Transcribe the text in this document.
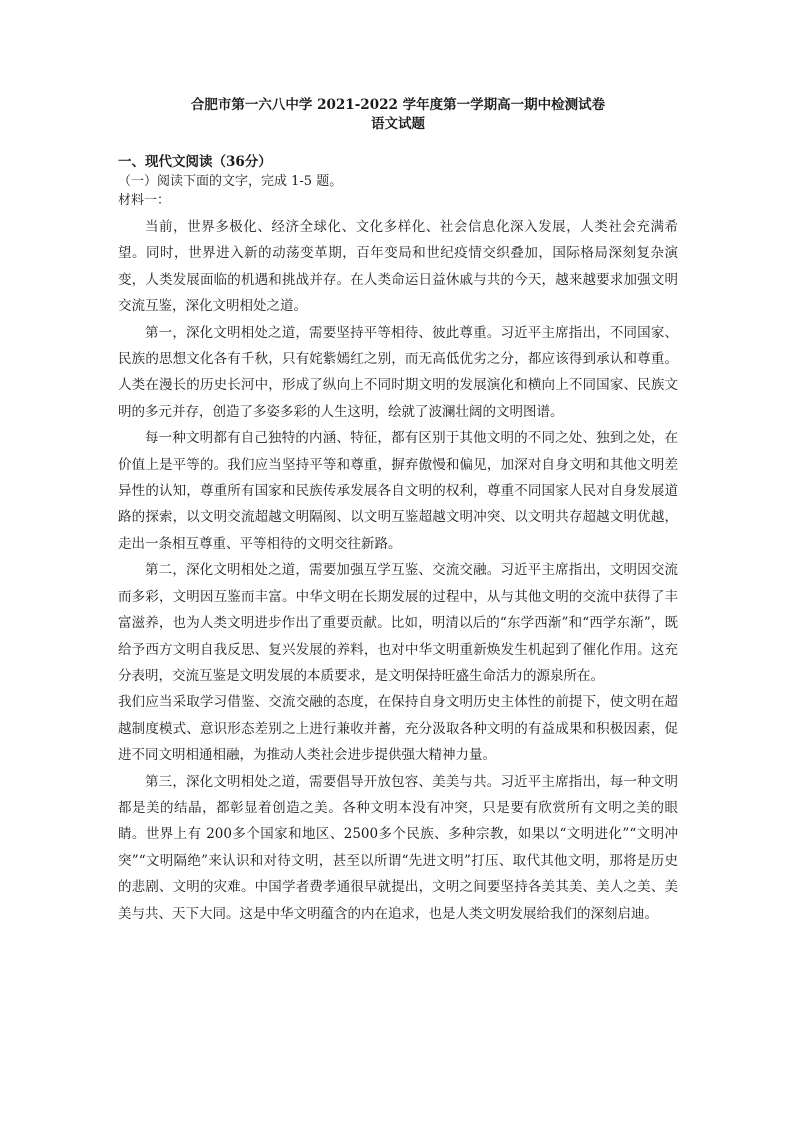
合肥市第一六八中学 2021-2022 学年度第一学期高一期中检测试卷

语文试题

一、现代文阅读（36分）

（一）阅读下面的文字，完成 1-5 题。

材料一：

当前，世界多极化、经济全球化、文化多样化、社会信息化深入发展，人类社会充满希望。同时，世界进入新的动荡变革期，百年变局和世纪疫情交织叠加，国际格局深刻复杂演变，人类发展面临的机遇和挑战并存。在人类命运日益休戚与共的今天，越来越要求加强文明交流互鉴，深化文明相处之道。

第一，深化文明相处之道，需要坚持平等相待、彼此尊重。习近平主席指出，不同国家、民族的思想文化各有千秋，只有姹紫嫣红之别，而无高低优劣之分，都应该得到承认和尊重。人类在漫长的历史长河中，形成了纵向上不同时期文明的发展演化和横向上不同国家、民族文明的多元并存，创造了多姿多彩的人生这明，绘就了波澜壮阔的文明图谱。

每一种文明都有自己独特的内涵、特征，都有区别于其他文明的不同之处、独到之处，在价值上是平等的。我们应当坚持平等和尊重，摒弃傲慢和偏见，加深对自身文明和其他文明差异性的认知，尊重所有国家和民族传承发展各自文明的权利，尊重不同国家人民对自身发展道路的探索，以文明交流超越文明隔阂、以文明互鉴超越文明冲突、以文明共存超越文明优越，走出一条相互尊重、平等相待的文明交往新路。

第二，深化文明相处之道，需要加强互学互鉴、交流交融。习近平主席指出，文明因交流而多彩，文明因互鉴而丰富。中华文明在长期发展的过程中，从与其他文明的交流中获得了丰富滋养，也为人类文明进步作出了重要贡献。比如，明清以后的“东学西渐”和“西学东渐”，既给予西方文明自我反思、复兴发展的养料，也对中华文明重新焕发生机起到了催化作用。这充分表明，交流互鉴是文明发展的本质要求，是文明保持旺盛生命活力的源泉所在。

我们应当采取学习借鉴、交流交融的态度，在保持自身文明历史主体性的前提下，使文明在超越制度模式、意识形态差别之上进行兼收并蓄，充分汲取各种文明的有益成果和积极因素，促进不同文明相通相融，为推动人类社会进步提供强大精神力量。

第三，深化文明相处之道，需要倡导开放包容、美美与共。习近平主席指出，每一种文明都是美的结晶，都彰显着创造之美。各种文明本没有冲突，只是要有欣赏所有文明之美的眼睛。世界上有 200多个国家和地区、2500多个民族、多种宗教，如果以“文明进化”“文明冲突”“文明隔绝”来认识和对待文明，甚至以所谓“先进文明”打压、取代其他文明，那将是历史的悲剧、文明的灾难。中国学者费孝通很早就提出，文明之间要坚持各美其美、美人之美、美美与共、天下大同。这是中华文明蕴含的内在追求，也是人类文明发展给我们的深刻启迪。
